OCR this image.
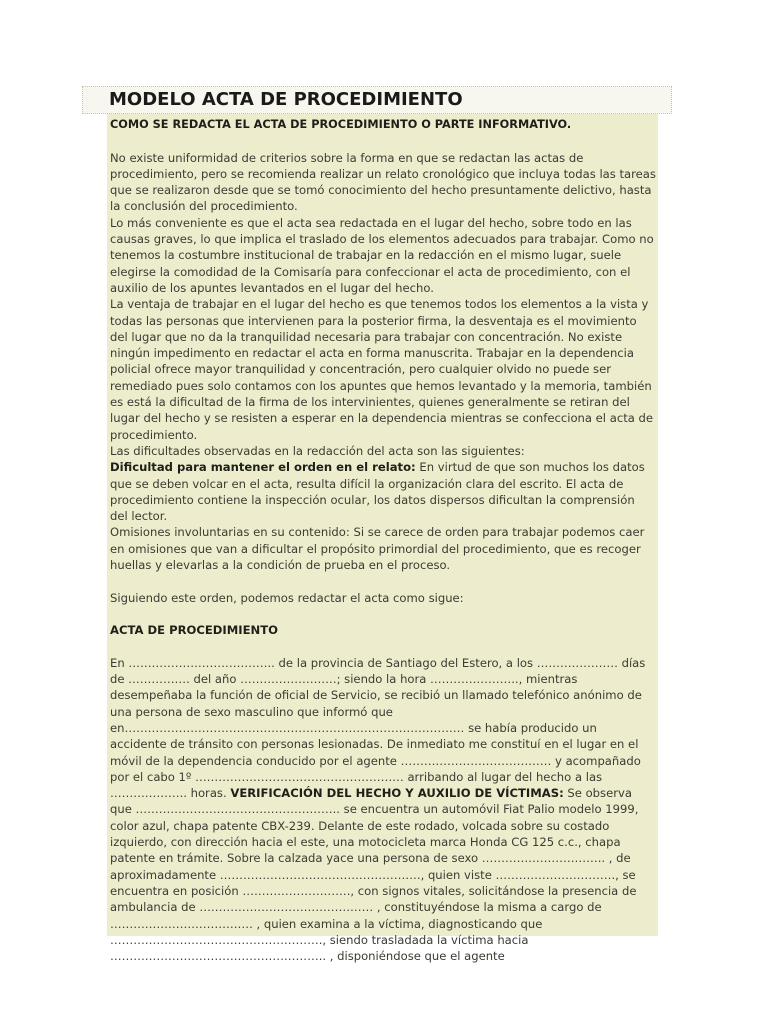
MODELO ACTA DE PROCEDIMIENTO

COMO SE REDACTA EL ACTA DE PROCEDIMIENTO O PARTE INFORMATIVO.

No existe uniformidad de criterios sobre la forma en que se redactan las actas de procedimiento, pero se recomienda realizar un relato cronológico que incluya todas las tareas que se realizaron desde que se tomó conocimiento del hecho presuntamente delictivo, hasta la conclusión del procedimiento.

Lo más conveniente es que el acta sea redactada en el lugar del hecho, sobre todo en las causas graves, lo que implica el traslado de los elementos adecuados para trabajar. Como no tenemos la costumbre institucional de trabajar en la redacción en el mismo lugar, suele elegirse la comodidad de la Comisaría para confeccionar el acta de procedimiento, con el auxilio de los apuntes levantados en el lugar del hecho.

La ventaja de trabajar en el lugar del hecho es que tenemos todos los elementos a la vista y todas las personas que intervienen para la posterior firma, la desventaja es el movimiento del lugar que no da la tranquilidad necesaria para trabajar con concentración. No existe ningún impedimento en redactar el acta en forma manuscrita. Trabajar en la dependencia policial ofrece mayor tranquilidad y concentración, pero cualquier olvido no puede ser remediado pues solo contamos con los apuntes que hemos levantado y la memoria, también es está la dificultad de la firma de los intervinientes, quienes generalmente se retiran del lugar del hecho y se resisten a esperar en la dependencia mientras se confecciona el acta de procedimiento.

Las dificultades observadas en la redacción del acta son las siguientes:

Dificultad para mantener el orden en el relato: En virtud de que son muchos los datos que se deben volcar en el acta, resulta difícil la organización clara del escrito. El acta de procedimiento contiene la inspección ocular, los datos dispersos dificultan la comprensión del lector.

Omisiones involuntarias en su contenido: Si se carece de orden para trabajar podemos caer en omisiones que van a dificultar el propósito primordial del procedimiento, que es recoger huellas y elevarlas a la condición de prueba en el proceso.

Siguiendo este orden, podemos redactar el acta como sigue:

ACTA DE PROCEDIMIENTO

En ……………………………….. de la provincia de Santiago del Estero, a los ………………… días de ……………. del año …………………….; siendo la hora ………………….., mientras desempeñaba la función de oficial de Servicio, se recibió un llamado telefónico anónimo de una persona de sexo masculino que informó que en………………………….………………………………………………… se había producido un accidente de tránsito con personas lesionadas. De inmediato me constituí en el lugar en el móvil de la dependencia conducido por el agente ………………………………… y acompañado por el cabo 1º ……………………………………………… arribando al lugar del hecho a las ……………….. horas. VERIFICACIÓN DEL HECHO Y AUXILIO DE VÍCTIMAS: Se observa que …………………………………………….. se encuentra un automóvil Fiat Palio modelo 1999, color azul, chapa patente CBX-239. Delante de este rodado, volcada sobre su costado izquierdo, con dirección hacia el este, una motocicleta marca Honda CG 125 c.c., chapa patente en trámite. Sobre la calzada yace una persona de sexo ………………………….. , de aproximadamente ……………………………………………., quien viste …………………………., se encuentra en posición ………………………., con signos vitales, solicitándose la presencia de ambulancia de ……………………………………… , constituyéndose la misma a cargo de ………………………………. , quien examina a la víctima, diagnosticando que ………………………………………………., siendo trasladada la víctima hacia ……………………………………………….. , disponiéndose que el agente
